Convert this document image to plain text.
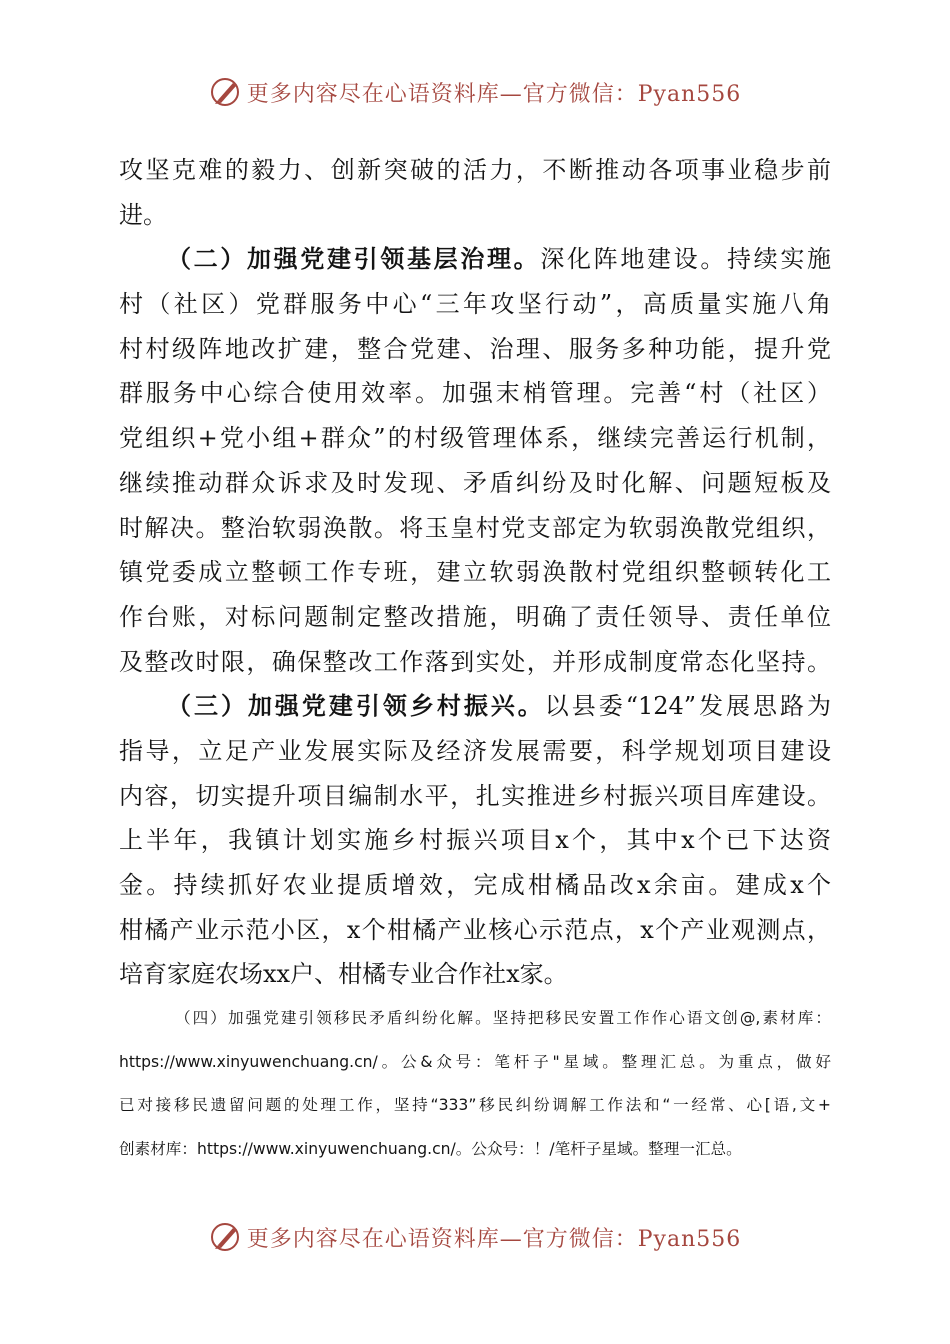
更多内容尽在心语资料库—官方微信：Pyan556
攻坚克难的毅力、创新突破的活力，不断推动各项事业稳步前
进。
（二）加强党建引领基层治理。深化阵地建设。持续实施
村（社区）党群服务中心“三年攻坚行动”，高质量实施八角
村村级阵地改扩建，整合党建、治理、服务多种功能，提升党
群服务中心综合使用效率。加强末梢管理。完善“村（社区）
党组织+党小组+群众”的村级管理体系，继续完善运行机制，
继续推动群众诉求及时发现、矛盾纠纷及时化解、问题短板及
时解决。整治软弱涣散。将玉皇村党支部定为软弱涣散党组织，
镇党委成立整顿工作专班，建立软弱涣散村党组织整顿转化工
作台账，对标问题制定整改措施，明确了责任领导、责任单位
及整改时限，确保整改工作落到实处，并形成制度常态化坚持。
（三）加强党建引领乡村振兴。以县委“124”发展思路为
指导，立足产业发展实际及经济发展需要，科学规划项目建设
内容，切实提升项目编制水平，扎实推进乡村振兴项目库建设。
上半年，我镇计划实施乡村振兴项目x个，其中x个已下达资
金。持续抓好农业提质增效，完成柑橘品改x余亩。建成x个
柑橘产业示范小区，x个柑橘产业核心示范点，x个产业观测点，
培育家庭农场xx户、柑橘专业合作社x家。
（四）加强党建引领移民矛盾纠纷化解。坚持把移民安置工作作心语文创@,素材库：
https://www.xinyuwenchuang.cn/。公&众号：笔杆子"星域。整理汇总。为重点，做好
已对接移民遗留问题的处理工作，坚持“333”移民纠纷调解工作法和“一经常、心[语,文+
创素材库：https://www.xinyuwenchuang.cn/。公众号：！/笔杆子星域。整理一汇总。
更多内容尽在心语资料库—官方微信：Pyan556
